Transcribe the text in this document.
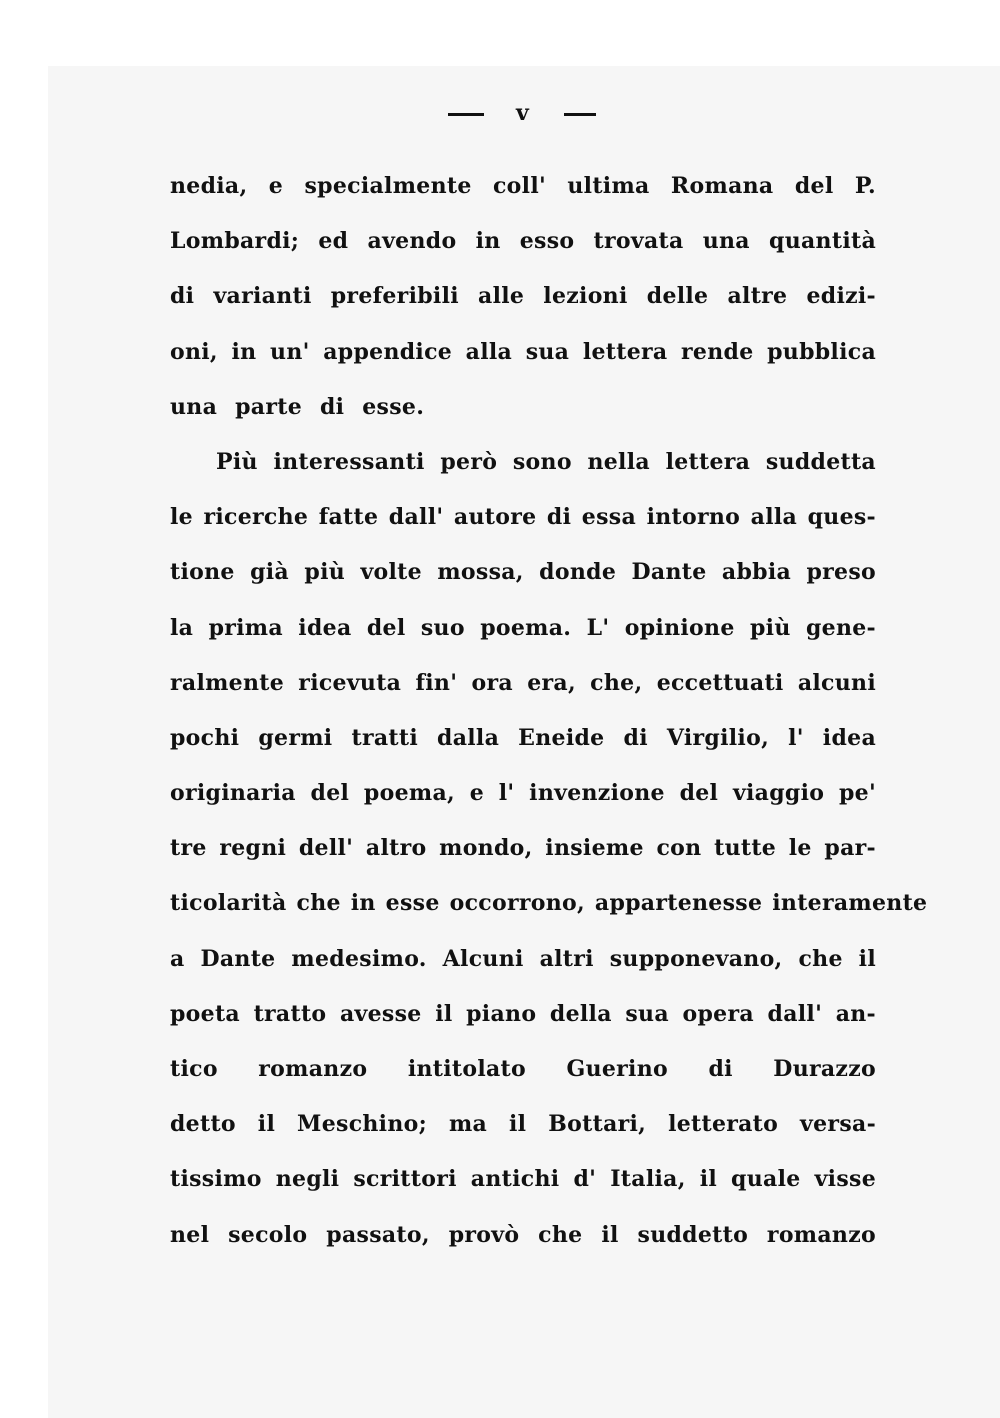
v
nedia, e specialmente coll' ultima Romana del P.
Lombardi; ed avendo in esso trovata una quantità
di varianti preferibili alle lezioni delle altre edizi-
oni, in un' appendice alla sua lettera rende pubblica
una parte di esse.
Più interessanti però sono nella lettera suddetta
le ricerche fatte dall' autore di essa intorno alla ques-
tione già più volte mossa, donde Dante abbia preso
la prima idea del suo poema. L' opinione più gene-
ralmente ricevuta fin' ora era, che, eccettuati alcuni
pochi germi tratti dalla Eneide di Virgilio, l' idea
originaria del poema, e l' invenzione del viaggio pe'
tre regni dell' altro mondo, insieme con tutte le par-
ticolarità che in esse occorrono, appartenesse interamente
a Dante medesimo. Alcuni altri supponevano, che il
poeta tratto avesse il piano della sua opera dall' an-
tico romanzo intitolato Guerino di Durazzo
detto il Meschino; ma il Bottari, letterato versa-
tissimo negli scrittori antichi d' Italia, il quale visse
nel secolo passato, provò che il suddetto romanzo
